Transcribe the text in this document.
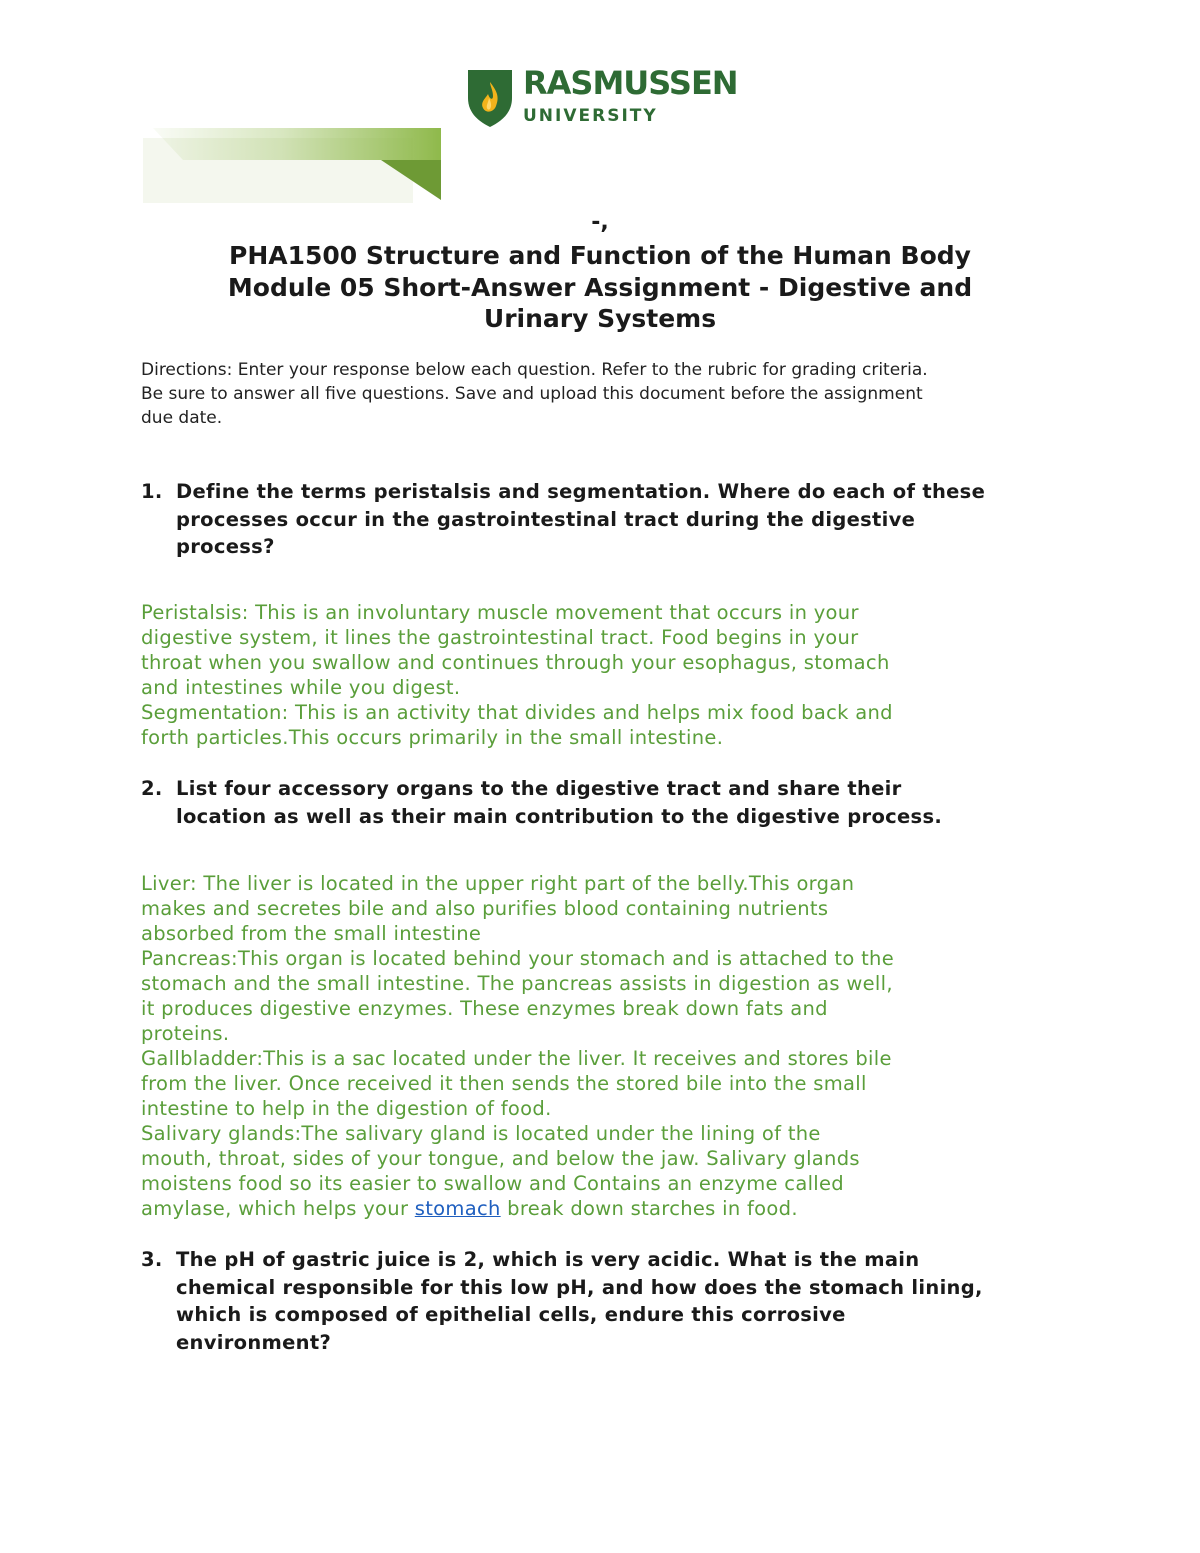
RASMUSSEN
UNIVERSITY
-,
PHA1500 Structure and Function of the Human Body
Module 05 Short-Answer Assignment - Digestive and
Urinary Systems
Directions: Enter your response below each question. Refer to the rubric for grading criteria.
Be sure to answer all five questions. Save and upload this document before the assignment
due date.
1. Define the terms peristalsis and segmentation. Where do each of these
processes occur in the gastrointestinal tract during the digestive
process?
Peristalsis: This is an involuntary muscle movement that occurs in your
digestive system, it lines the gastrointestinal tract. Food begins in your
throat when you swallow and continues through your esophagus, stomach
and intestines while you digest.
Segmentation: This is an activity that divides and helps mix food back and
forth particles.This occurs primarily in the small intestine.
2. List four accessory organs to the digestive tract and share their
location as well as their main contribution to the digestive process.
Liver: The liver is located in the upper right part of the belly.This organ
makes and secretes bile and also purifies blood containing nutrients
absorbed from the small intestine
Pancreas:This organ is located behind your stomach and is attached to the
stomach and the small intestine. The pancreas assists in digestion as well,
it produces digestive enzymes. These enzymes break down fats and
proteins.
Gallbladder:This is a sac located under the liver. It receives and stores bile
from the liver. Once received it then sends the stored bile into the small
intestine to help in the digestion of food.
Salivary glands:The salivary gland is located under the lining of the
mouth, throat, sides of your tongue, and below the jaw. Salivary glands
moistens food so its easier to swallow and Contains an enzyme called
amylase, which helps your stomach break down starches in food.
3. The pH of gastric juice is 2, which is very acidic. What is the main
chemical responsible for this low pH, and how does the stomach lining,
which is composed of epithelial cells, endure this corrosive
environment?
